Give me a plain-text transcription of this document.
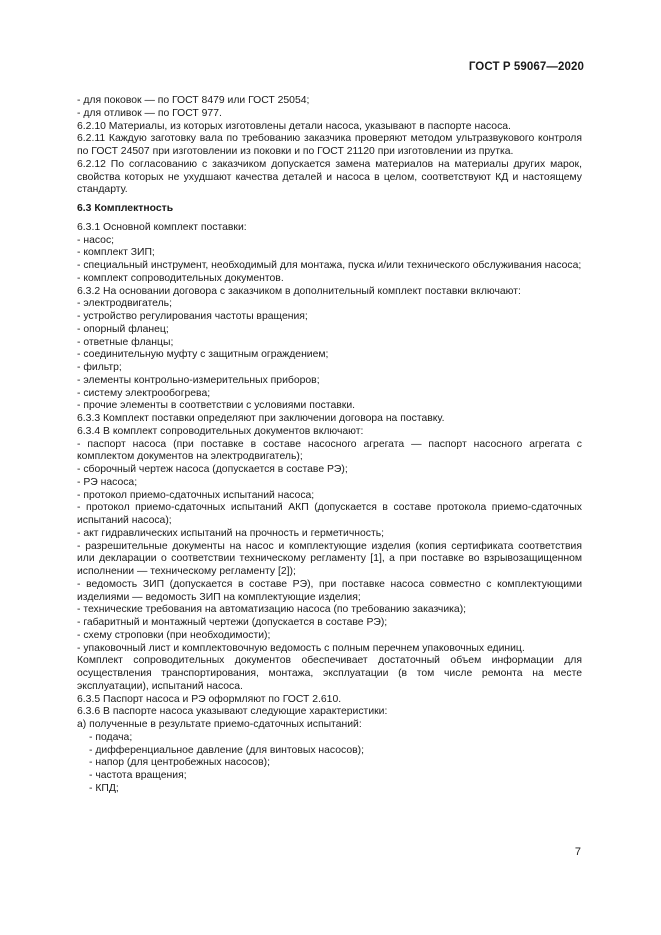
ГОСТ Р 59067—2020

- для поковок — по ГОСТ 8479 или ГОСТ 25054;

- для отливок — по ГОСТ 977.

6.2.10 Материалы, из которых изготовлены детали насоса, указывают в паспорте насоса.

6.2.11 Каждую заготовку вала по требованию заказчика проверяют методом ультразвукового контроля по ГОСТ 24507 при изготовлении из поковки и по ГОСТ 21120 при изготовлении из прутка.

6.2.12 По согласованию с заказчиком допускается замена материалов на материалы других марок, свойства которых не ухудшают качества деталей и насоса в целом, соответствуют КД и настоящему стандарту.

6.3 Комплектность

6.3.1 Основной комплект поставки:

- насос;

- комплект ЗИП;

- специальный инструмент, необходимый для монтажа, пуска и/или технического обслуживания насоса;

- комплект сопроводительных документов.

6.3.2 На основании договора с заказчиком в дополнительный комплект поставки включают:

- электродвигатель;

- устройство регулирования частоты вращения;

- опорный фланец;

- ответные фланцы;

- соединительную муфту с защитным ограждением;

- фильтр;

- элементы контрольно-измерительных приборов;

- систему электрообогрева;

- прочие элементы в соответствии с условиями поставки.

6.3.3 Комплект поставки определяют при заключении договора на поставку.

6.3.4 В комплект сопроводительных документов включают:

- паспорт насоса (при поставке в составе насосного агрегата — паспорт насосного агрегата с комплектом документов на электродвигатель);

- сборочный чертеж насоса (допускается в составе РЭ);

- РЭ насоса;

- протокол приемо-сдаточных испытаний насоса;

- протокол приемо-сдаточных испытаний АКП (допускается в составе протокола приемо-сдаточных испытаний насоса);

- акт гидравлических испытаний на прочность и герметичность;

- разрешительные документы на насос и комплектующие изделия (копия сертификата соответствия или декларации о соответствии техническому регламенту [1], а при поставке во взрывозащищенном исполнении — техническому регламенту [2]);

- ведомость ЗИП (допускается в составе РЭ), при поставке насоса совместно с комплектующими изделиями — ведомость ЗИП на комплектующие изделия;

- технические требования на автоматизацию насоса (по требованию заказчика);

- габаритный и монтажный чертежи (допускается в составе РЭ);

- схему строповки (при необходимости);

- упаковочный лист и комплектовочную ведомость с полным перечнем упаковочных единиц.

Комплект сопроводительных документов обеспечивает достаточный объем информации для осуществления транспортирования, монтажа, эксплуатации (в том числе ремонта на месте эксплуатации), испытаний насоса.

6.3.5 Паспорт насоса и РЭ оформляют по ГОСТ 2.610.

6.3.6 В паспорте насоса указывают следующие характеристики:

а) полученные в результате приемо-сдаточных испытаний:

- подача;

- дифференциальное давление (для винтовых насосов);

- напор (для центробежных насосов);

- частота вращения;

- КПД;

7
